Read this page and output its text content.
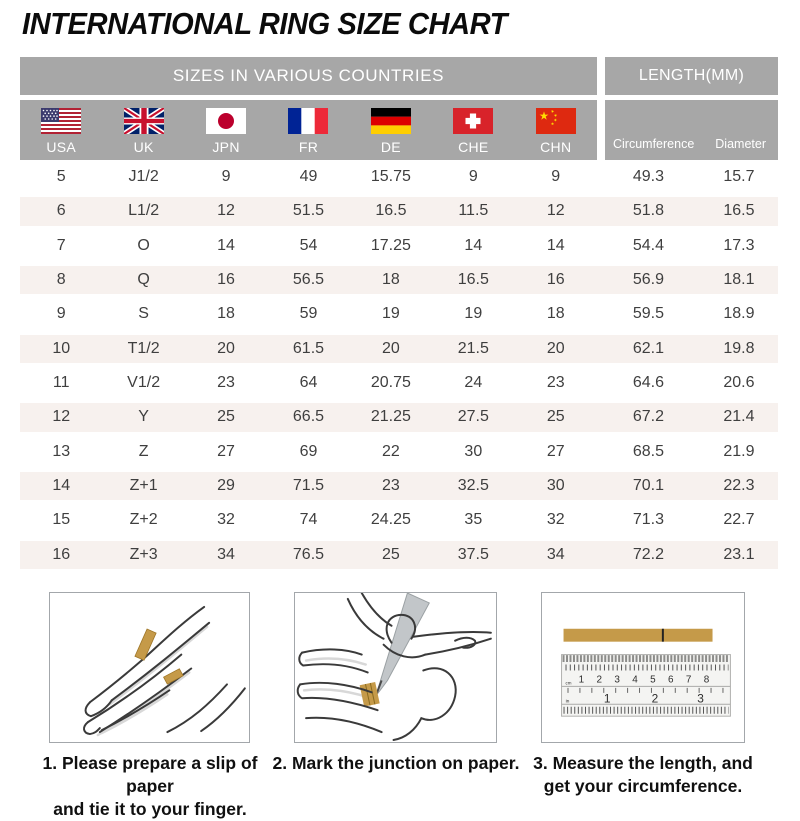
INTERNATIONAL RING SIZE CHART
SIZES IN VARIOUS COUNTRIES	LENGTH(MM)
USA	UK	JPN	FR	DE	CHE	CHN	Circumference Diameter
5	J1/2	9	49	15.75	9	9	49.3	15.7
6	L1/2	12	51.5	16.5	11.5	12	51.8	16.5
7	O	14	54	17.25	14	14	54.4	17.3
8	Q	16	56.5	18	16.5	16	56.9	18.1
9	S	18	59	19	19	18	59.5	18.9
10	T1/2	20	61.5	20	21.5	20	62.1	19.8
11	V1/2	23	64	20.75	24	23	64.6	20.6
12	Y	25	66.5	21.25	27.5	25	67.2	21.4
13	Z	27	69	22	30	27	68.5	21.9
14	Z+1	29	71.5	23	32.5	30	70.1	22.3
15	Z+2	32	74	24.25	35	32	71.3	22.7
16	Z+3	34	76.5	25	37.5	34	72.2	23.1
1 2 3 4 5 6 7 8
cm
1	2	3
in
1. Please prepare a slip of paper
and tie it to your finger.
2. Mark the junction on paper. 3. Measure the length, and
get your circumference.
